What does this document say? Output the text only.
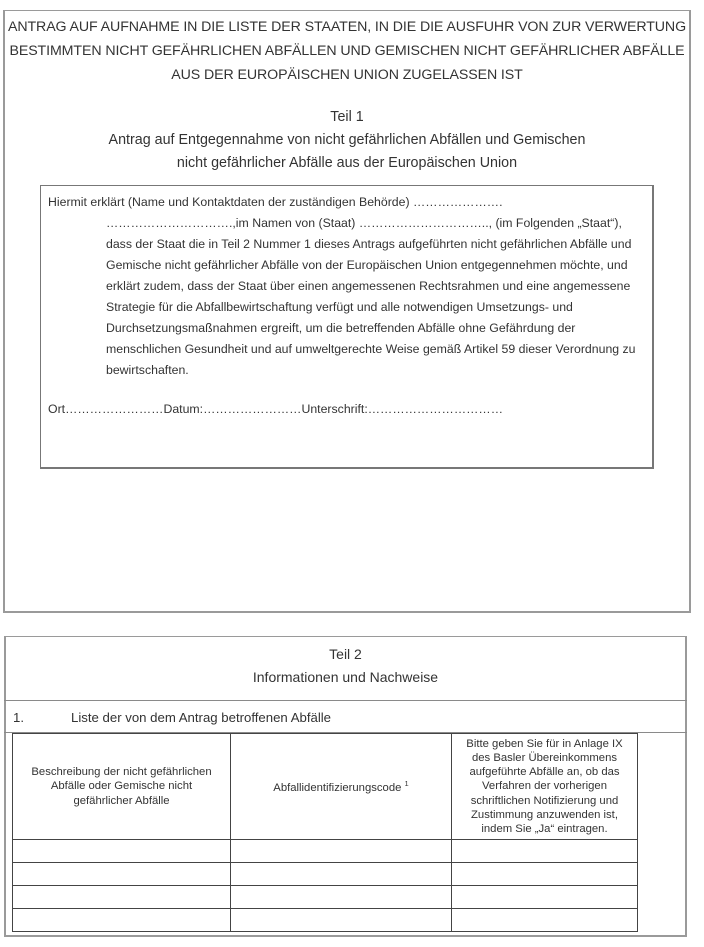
ANTRAG AUF AUFNAHME IN DIE LISTE DER STAATEN, IN DIE DIE AUSFUHR VON ZUR VERWERTUNG
BESTIMMTEN NICHT GEFÄHRLICHEN ABFÄLLEN UND GEMISCHEN NICHT GEFÄHRLICHER ABFÄLLE
AUS DER EUROPÄISCHEN UNION ZUGELASSEN IST
Teil 1
Antrag auf Entgegennahme von nicht gefährlichen Abfällen und Gemischen
nicht gefährlicher Abfälle aus der Europäischen Union
Hiermit erklärt (Name und Kontaktdaten der zuständigen Behörde) ………………….
………………………….,im Namen von (Staat) ………………………….., (im Folgenden „Staat“),
dass der Staat die in Teil 2 Nummer 1 dieses Antrags aufgeführten nicht gefährlichen Abfälle und
Gemische nicht gefährlicher Abfälle von der Europäischen Union entgegennehmen möchte, und
erklärt zudem, dass der Staat über einen angemessenen Rechtsrahmen und eine angemessene
Strategie für die Abfallbewirtschaftung verfügt und alle notwendigen Umsetzungs- und
Durchsetzungsmaßnahmen ergreift, um die betreffenden Abfälle ohne Gefährdung der
menschlichen Gesundheit und auf umweltgerechte Weise gemäß Artikel 59 dieser Verordnung zu
bewirtschaften.
Ort……………………Datum:……………………Unterschrift:……………………………
Teil 2
Informationen und Nachweise
1.	Liste der von dem Antrag betroffenen Abfälle
Beschreibung der nicht gefährlichen Abfälle oder Gemische nicht gefährlicher Abfälle	Abfallidentifizierungscode $^1$	Bitte geben Sie für in Anlage IX des Basler Übereinkommens aufgeführte Abfälle an, ob das Verfahren der vorherigen schriftlichen Notifizierung und Zustimmung anzuwenden ist, indem Sie „Ja“ eintragen.
